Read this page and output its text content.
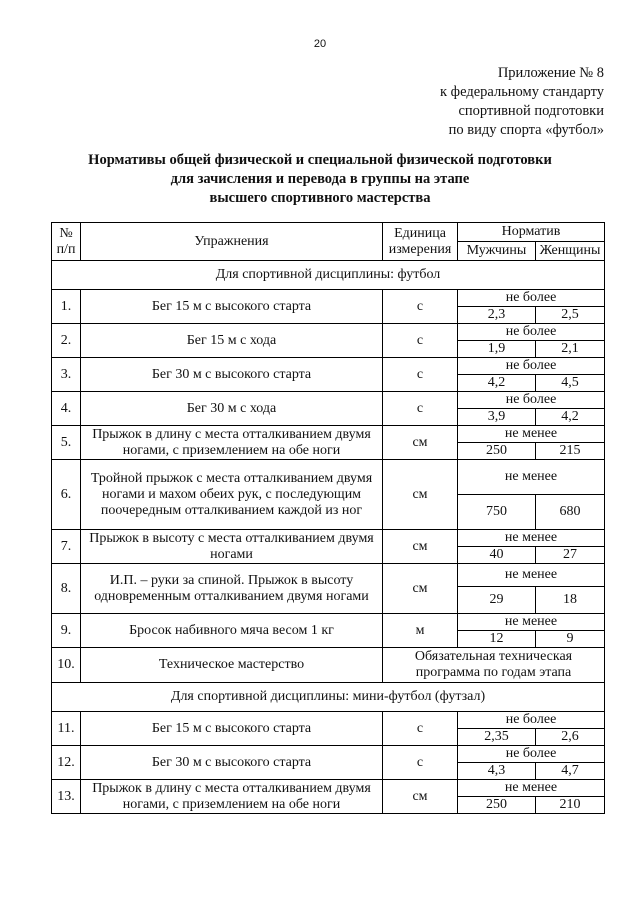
20
Приложение № 8
к федеральному стандарту
спортивной подготовки
по виду спорта «футбол»
Нормативы общей физической и специальной физической подготовки
для зачисления и перевода в группы на этапе
высшего спортивного мастерства
№ п/п	Упражнения	Единица измерения	Норматив	
			Мужчины	Женщины
Для спортивной дисциплины: футбол				
1.	Бег 15 м с высокого старта	с	не более	
			2,3	2,5
2.	Бег 15 м с хода	с	не более	
			1,9	2,1
3.	Бег 30 м с высокого старта	с	не более	
			4,2	4,5
4.	Бег 30 м с хода	с	не более	
			3,9	4,2
5.	Прыжок в длину с места отталкиванием двумя ногами, с приземлением на обе ноги	см	не менее	
			250	215
6.	Тройной прыжок с места отталкиванием двумя ногами и махом обеих рук, с последующим поочередным отталкиванием каждой из ног	см	не менее	
			750	680
7.	Прыжок в высоту с места отталкиванием двумя ногами	см	не менее	
			40	27
8.	И.П. – руки за спиной. Прыжок в высоту одновременным отталкиванием двумя ногами	см	не менее	
			29	18
9.	Бросок набивного мяча весом 1 кг	м	не менее	
			12	9
10.	Техническое мастерство	Обязательная техническая программа по годам этапа		
Для спортивной дисциплины: мини-футбол (футзал)				
11.	Бег 15 м с высокого старта	с	не более	
			2,35	2,6
12.	Бег 30 м с высокого старта	с	не более	
			4,3	4,7
13.	Прыжок в длину с места отталкиванием двумя ногами, с приземлением на обе ноги	см	не менее	
			250	210
